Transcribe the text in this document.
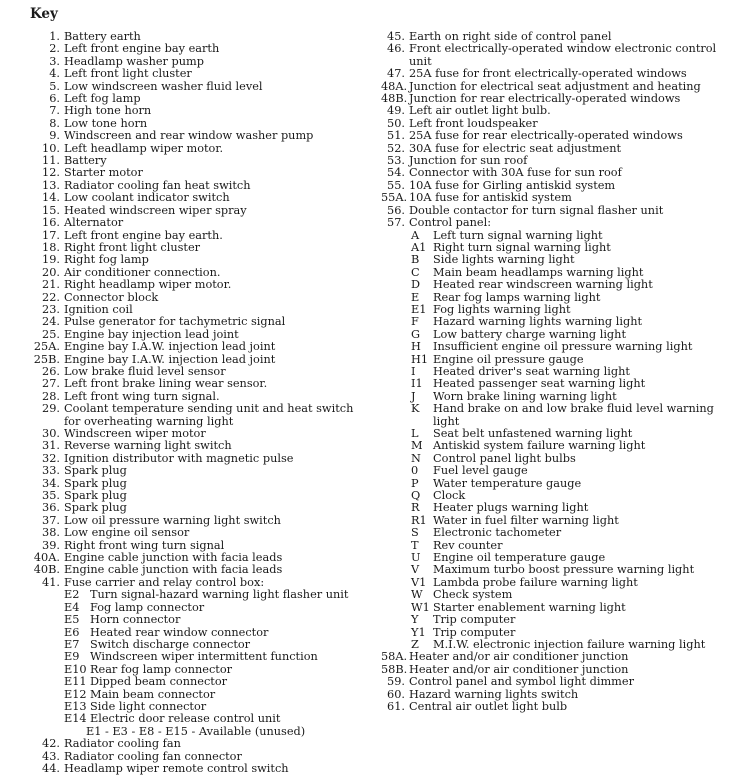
Key
1. Battery earth
2. Left front engine bay earth
3. Headlamp washer pump
4. Left front light cluster
5. Low windscreen washer fluid level
6. Left fog lamp
7. High tone horn
8. Low tone horn
9. Windscreen and rear window washer pump
10. Left headlamp wiper motor.
11. Battery
12. Starter motor
13. Radiator cooling fan heat switch
14. Low coolant indicator switch
15. Heated windscreen wiper spray
16. Alternator
17. Left front engine bay earth.
18. Right front light cluster
19. Right fog lamp
20. Air conditioner connection.
21. Right headlamp wiper motor.
22. Connector block
23. Ignition coil
24. Pulse generator for tachymetric signal
25. Engine bay injection lead joint
25A. Engine bay I.A.W. injection lead joint
25B. Engine bay I.A.W. injection lead joint
26. Low brake fluid level sensor
27. Left front brake lining wear sensor.
28. Left front wing turn signal.
29. Coolant temperature sending unit and heat switch for overheating warning light
30. Windscreen wiper motor
31. Reverse warning light switch
32. Ignition distributor with magnetic pulse
33. Spark plug
34. Spark plug
35. Spark plug
36. Spark plug
37. Low oil pressure warning light switch
38. Low engine oil sensor
39. Right front wing turn signal
40A. Engine cable junction with facia leads
40B. Engine cable junction with facia leads
41. Fuse carrier and relay control box:
E2 Turn signal-hazard warning light flasher unit
E4 Fog lamp connector
E5 Horn connector
E6 Heated rear window connector
E7 Switch discharge connector
E9 Windscreen wiper intermittent function
E10 Rear fog lamp connector
E11 Dipped beam connector
E12 Main beam connector
E13 Side light connector
E14 Electric door release control unit
E1 - E3 - E8 - E15 - Available (unused)
42. Radiator cooling fan
43. Radiator cooling fan connector
44. Headlamp wiper remote control switch
45. Earth on right side of control panel
46. Front electrically-operated window electronic control unit
47. 25A fuse for front electrically-operated windows
48A. Junction for electrical seat adjustment and heating
48B. Junction for rear electrically-operated windows
49. Left air outlet light bulb.
50. Left front loudspeaker
51. 25A fuse for rear electrically-operated windows
52. 30A fuse for electric seat adjustment
53. Junction for sun roof
54. Connector with 30A fuse for sun roof
55. 10A fuse for Girling antiskid system
55A. 10A fuse for antiskid system
56. Double contactor for turn signal flasher unit
57. Control panel:
A	Left turn signal warning light
A1 Right turn signal warning light
B	Side lights warning light
C	Main beam headlamps warning light
D	Heated rear windscreen warning light
E	Rear fog lamps warning light
E1 Fog lights warning light
F	Hazard warning lights warning light
G	Low battery charge warning light
H	Insufficient engine oil pressure warning light
H1 Engine oil pressure gauge
I	Heated driver's seat warning light
I1 Heated passenger seat warning light
J	Worn brake lining warning light
K	Hand brake on and low brake fluid level warning light
L	Seat belt unfastened warning light
M Antiskid system failure warning light
N	Control panel light bulbs
0	Fuel level gauge
P	Water temperature gauge
Q	Clock
R	Heater plugs warning light
R1 Water in fuel filter warning light
S	Electronic tachometer
T	Rev counter
U	Engine oil temperature gauge
V	Maximum turbo boost pressure warning light
V1 Lambda probe failure warning light
W Check system
W1 Starter enablement warning light
Y	Trip computer
Y1 Trip computer
Z	M.I.W. electronic injection failure warning light
58A. Heater and/or air conditioner junction
58B. Heater and/or air conditioner junction
59. Control panel and symbol light dimmer
60. Hazard warning lights switch
61. Central air outlet light bulb
